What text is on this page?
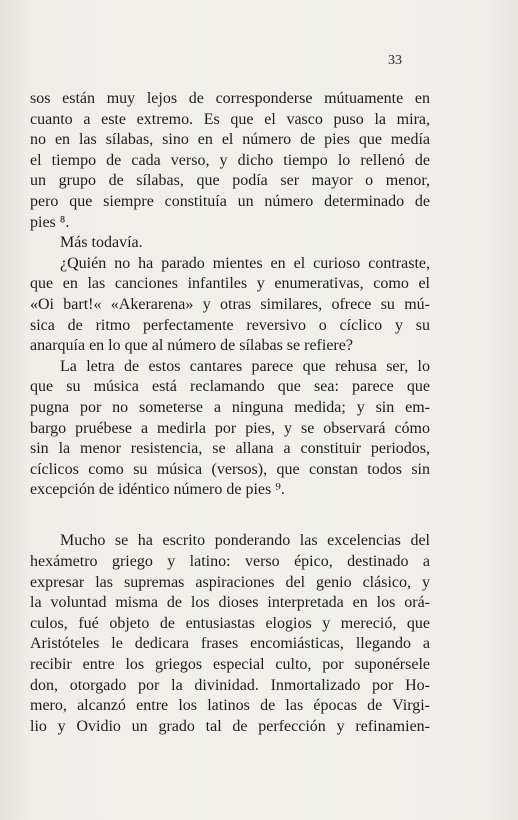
33
sos están muy lejos de corresponderse mútuamente en
cuanto a este extremo. Es que el vasco puso la mira,
no en las sílabas, sino en el número de pies que medía
el tiempo de cada verso, y dicho tiempo lo rellenó de
un grupo de sílabas, que podía ser mayor o menor,
pero que siempre constituía un número determinado de
pies ⁸.
Más todavía.
¿Quién no ha parado mientes en el curioso contraste,
que en las canciones infantiles y enumerativas, como el
«Oi bart!« «Akerarena» y otras similares, ofrece su mú-
sica de ritmo perfectamente reversivo o cíclico y su
anarquía en lo que al número de sílabas se refiere?
La letra de estos cantares parece que rehusa ser, lo
que su música está reclamando que sea: parece que
pugna por no someterse a ninguna medida; y sin em-
bargo pruébese a medirla por pies, y se observará cómo
sin la menor resistencia, se allana a constituir periodos,
cíclicos como su música (versos), que constan todos sin
excepción de idéntico número de pies ⁹.
Mucho se ha escrito ponderando las excelencias del
hexámetro griego y latino: verso épico, destinado a
expresar las supremas aspiraciones del genio clásico, y
la voluntad misma de los dioses interpretada en los orá-
culos, fué objeto de entusiastas elogios y mereció, que
Aristóteles le dedicara frases encomiásticas, llegando a
recibir entre los griegos especial culto, por suponérsele
don, otorgado por la divinidad. Inmortalizado por Ho-
mero, alcanzó entre los latinos de las épocas de Virgi-
lio y Ovidio un grado tal de perfección y refinamien-
